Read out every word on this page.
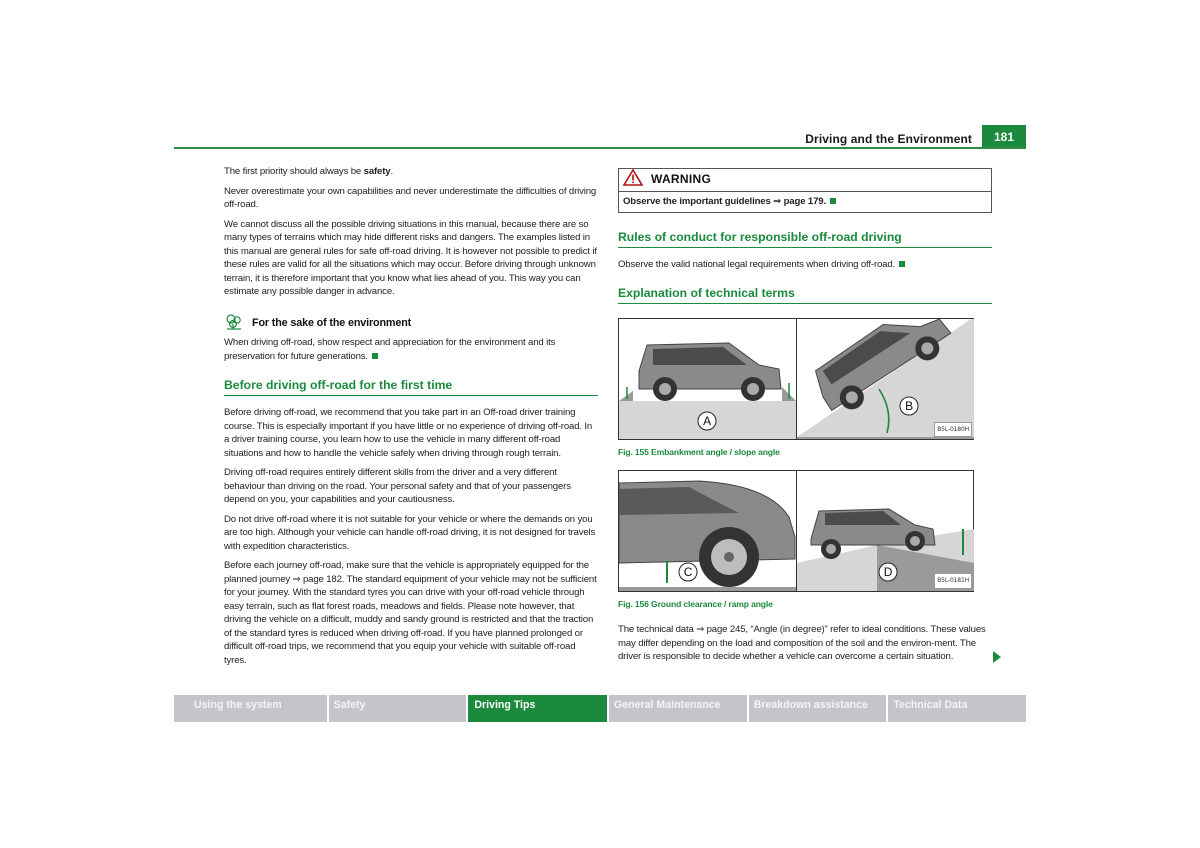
Driving and the Environment 181

The first priority should always be safety.

Never overestimate your own capabilities and never underestimate the difficulties of driving off-road.

We cannot discuss all the possible driving situations in this manual, because there are so many types of terrains which may hide different risks and dangers. The examples listed in this manual are general rules for safe off-road driving. It is however not possible to predict if these rules are valid for all the situations which may occur. Before driving through unknown terrain, it is therefore important that you know what lies ahead of you. This way you can estimate any possible danger in advance.

For the sake of the environment

When driving off-road, show respect and appreciation for the environment and its preservation for future generations.

Before driving off-road for the first time

Before driving off-road, we recommend that you take part in an Off-road driver training course. This is especially important if you have little or no experience of driving off-road. In a driver training course, you learn how to use the vehicle in many different off-road situations and how to handle the vehicle safely when driving through rough terrain.

Driving off-road requires entirely different skills from the driver and a very different behaviour than driving on the road. Your personal safety and that of your passengers depend on you, your capabilities and your cautiousness.

Do not drive off-road where it is not suitable for your vehicle or where the demands on you are too high. Although your vehicle can handle off-road driving, it is not designed for travels with expedition characteristics.

Before each journey off-road, make sure that the vehicle is appropriately equipped for the planned journey ⇒ page 182. The standard equipment of your vehicle may not be sufficient for your journey. With the standard tyres you can drive with your off-road vehicle through easy terrain, such as flat forest roads, meadows and fields. Please note however, that driving the vehicle on a difficult, muddy and sandy ground is restricted and that the traction of the standard tyres is reduced when driving off-road. If you have planned prolonged or difficult off-road trips, we recommend that you equip your vehicle with suitable off-road tyres.

WARNING
Observe the important guidelines ⇒ page 179.
Rules of conduct for responsible off-road driving

Observe the valid national legal requirements when driving off-road.

Explanation of technical terms
A
B
B5L-0180H
Fig. 155 Embankment angle / slope angle
C	D
B5L-0181H
Fig. 156 Ground clearance / ramp angle

The technical data ⇒ page 245, “Angle (in degree)” refer to ideal conditions. These values may differ depending on the load and composition of the soil and the environ-ment. The driver is responsible to decide whether a vehicle can overcome a certain situation.

Using the system	Safety	Driving Tips	General Maintenance	Breakdown assistance	Technical Data
